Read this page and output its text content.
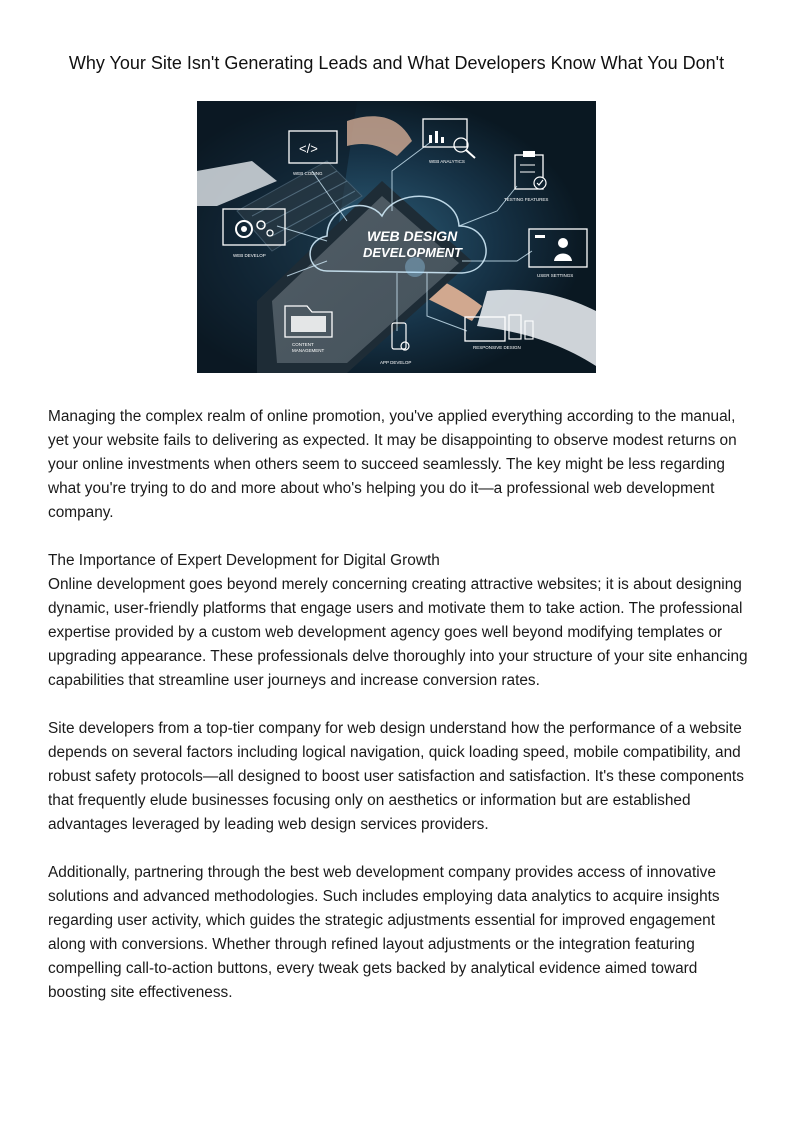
Why Your Site Isn't Generating Leads and What Developers Know What You Don't
WEB DESIGN
DEVELOPMENT
</>
WEB CODING
WEB ANALYTICS
TESTING FEATURES
USER SETTINGS
RESPONSIVE DESIGN
APP DEVELOP
CONTENT
MANAGEMENT
WEB DEVELOP

Managing the complex realm of online promotion, you've applied everything according to the manual, yet your website fails to delivering as expected. It may be disappointing to observe modest returns on your online investments when others seem to succeed seamlessly. The key might be less regarding what you're trying to do and more about who's helping you do it—a professional web development company.

The Importance of Expert Development for Digital Growth

Online development goes beyond merely concerning creating attractive websites; it is about designing dynamic, user-friendly platforms that engage users and motivate them to take action. The professional expertise provided by a custom web development agency goes well beyond modifying templates or upgrading appearance. These professionals delve thoroughly into your structure of your site enhancing capabilities that streamline user journeys and increase conversion rates.

Site developers from a top-tier company for web design understand how the performance of a website depends on several factors including logical navigation, quick loading speed, mobile compatibility, and robust safety protocols—all designed to boost user satisfaction and satisfaction. It's these components that frequently elude businesses focusing only on aesthetics or information but are established advantages leveraged by leading web design services providers.

Additionally, partnering through the best web development company provides access of innovative solutions and advanced methodologies. Such includes employing data analytics to acquire insights regarding user activity, which guides the strategic adjustments essential for improved engagement along with conversions. Whether through refined layout adjustments or the integration featuring compelling call-to-action buttons, every tweak gets backed by analytical evidence aimed toward boosting site effectiveness.
